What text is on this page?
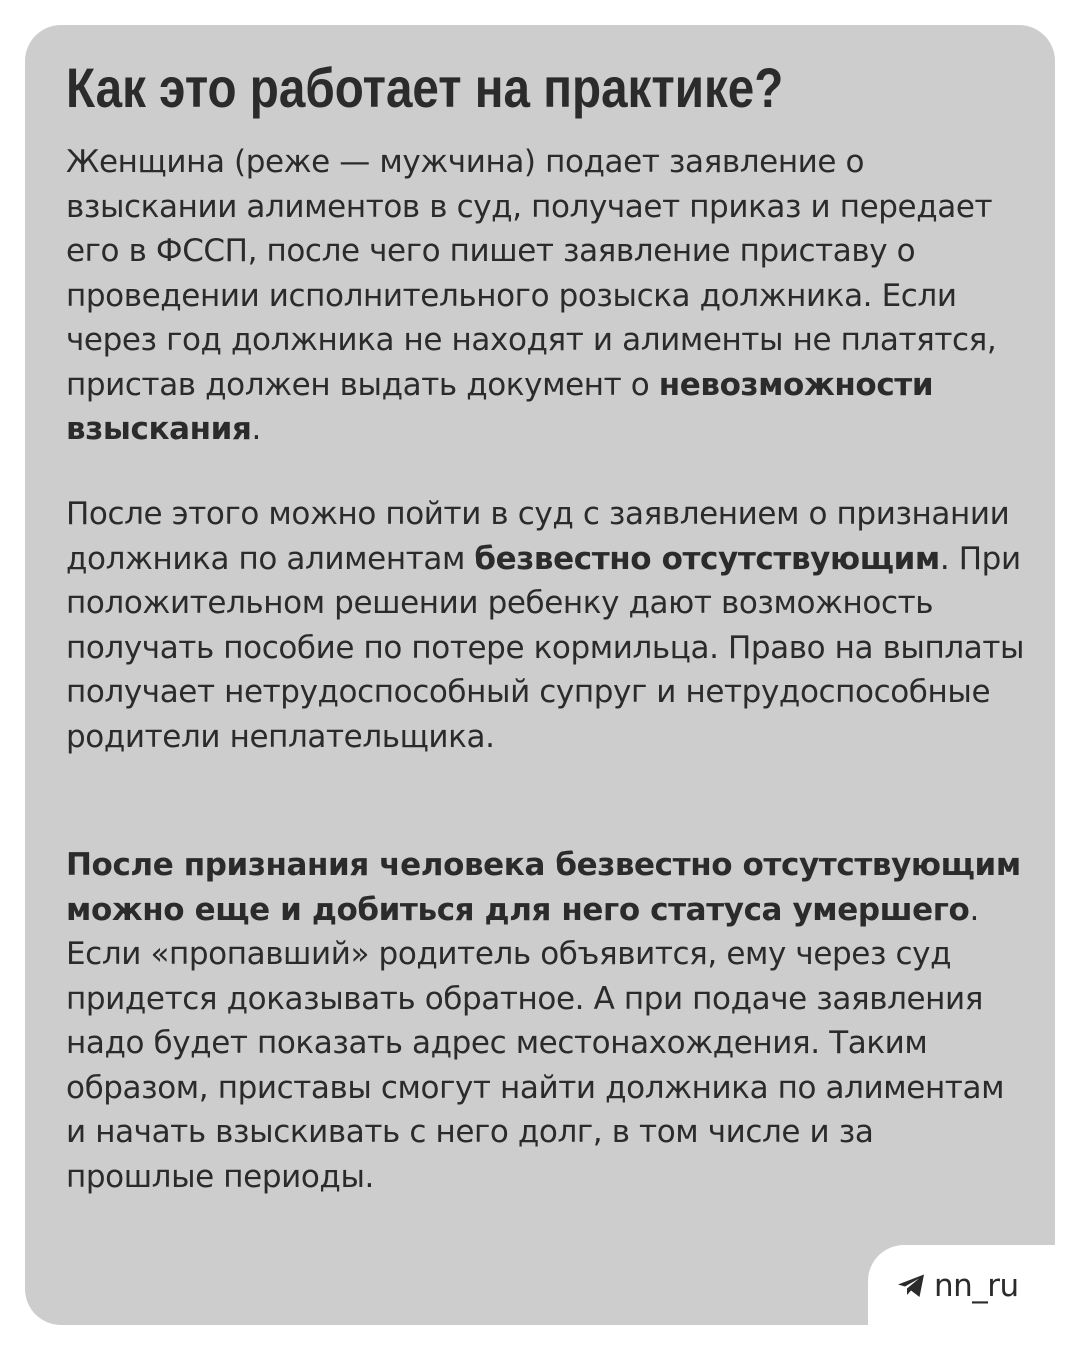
Как это работает на практике?

Женщина (реже — мужчина) подает заявление о взыскании алиментов в суд, получает приказ и передает его в ФССП, после чего пишет заявление приставу о проведении исполнительного розыска должника. Если через год должника не находят и алименты не платятся, пристав должен выдать документ о невозможности взыскания.

После этого можно пойти в суд с заявлением о признании должника по алиментам безвестно отсутствующим. При положительном решении ребенку дают возможность получать пособие по потере кормильца. Право на выплаты получает нетрудоспособный супруг и нетрудоспособные родители неплательщика.

После признания человека безвестно отсутствующим можно еще и добиться для него статуса умершего. Если «пропавший» родитель объявится, ему через суд придется доказывать обратное. А при подаче заявления надо будет показать адрес местонахождения. Таким образом, приставы смогут найти должника по алиментам и начать взыскивать с него долг, в том числе и за прошлые периоды.

nn_ru
